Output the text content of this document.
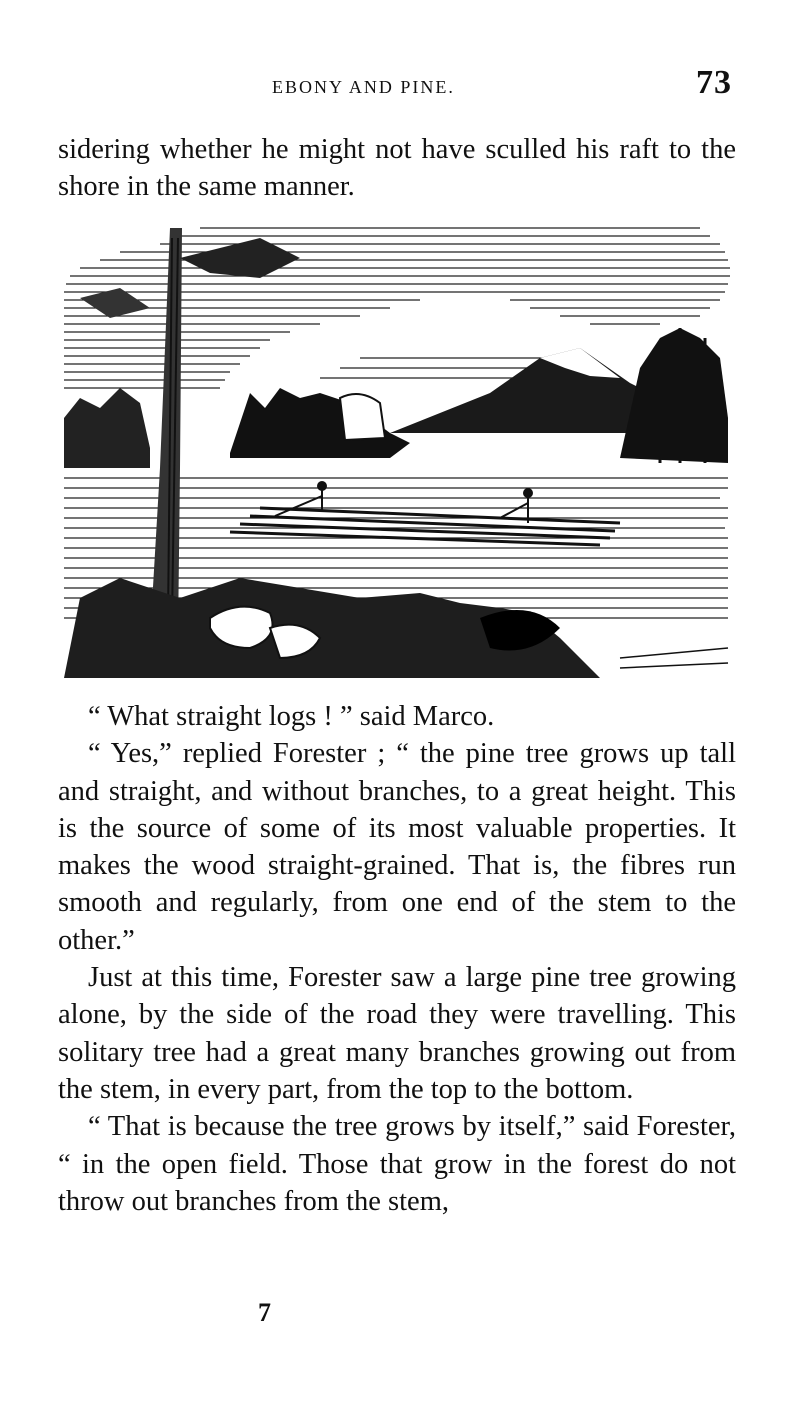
EBONY AND PINE.	73

sidering whether he might not have sculled his raft to the shore in the same manner.

“ What straight logs ! ” said Marco.

“ Yes,” replied Forester ; “ the pine tree grows up tall and straight, and without branches, to a great height. This is the source of some of its most valuable properties. It makes the wood straight-grained. That is, the fibres run smooth and regularly, from one end of the stem to the other.”

Just at this time, Forester saw a large pine tree growing alone, by the side of the road they were travelling. This solitary tree had a great many branches growing out from the stem, in every part, from the top to the bottom.

“ That is because the tree grows by itself,” said Forester, “ in the open field. Those that grow in the forest do not throw out branches from the stem,

7
